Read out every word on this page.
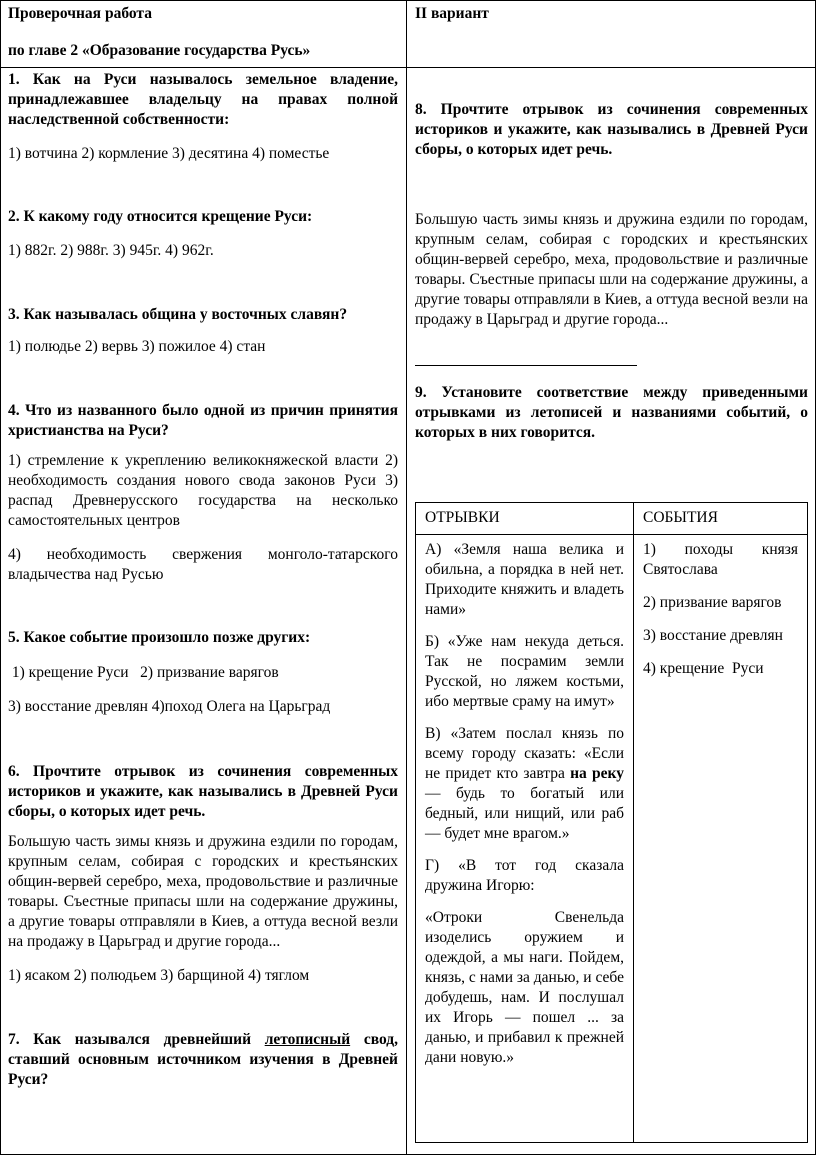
Проверочная работа

по главе 2 «Образование государства Русь»

II вариант

1. Как на Руси называлось земельное владение, принадлежавшее владельцу на правах полной наследственной собственности:

1) вотчина 2) кормление 3) десятина 4) поместье

2. К какому году относится крещение Руси:

1) 882г. 2) 988г. 3) 945г. 4) 962г.

3. Как называлась община у восточных славян?

1) полюдье 2) вервь 3) пожилое 4) стан

4. Что из названного было одной из причин принятия христианства на Руси?

1) стремление к укреплению великокняжеской власти 2) необходимость создания нового свода законов Руси 3) распад Древнерусского государства на несколько самостоятельных центров

4) необходимость свержения монголо-татарского владычества над Русью

5. Какое событие произошло позже других:

1) крещение Руси   2) призвание варягов

3) восстание древлян 4)поход Олега на Царьград

6. Прочтите отрывок из сочинения современных историков и укажите, как назывались в Древней Руси сборы, о которых идет речь.

Большую часть зимы князь и дружина ездили по городам, крупным селам, собирая с городских и крестьянских общин-вервей серебро, меха, продовольствие и различные товары. Съестные припасы шли на содержание дружины, а другие товары отправляли в Киев, а оттуда весной везли на продажу в Царьград и другие города...

1) ясаком 2) полюдьем 3) барщиной 4) тяглом

7. Как назывался древнейший летописный свод, ставший основным источником изучения в Древней Руси?

8. Прочтите отрывок из сочинения современных историков и укажите, как назывались в Древней Руси сборы, о которых идет речь.

Большую часть зимы князь и дружина ездили по городам, крупным селам, собирая с городских и крестьянских общин-вервей серебро, меха, продовольствие и различные товары. Съестные припасы шли на содержание дружины, а другие товары отправляли в Киев, а оттуда весной везли на продажу в Царьград и другие города...

9. Установите соответствие между приведенными отрывками из летописей и названиями событий, о которых в них говорится.

ОТРЫВКИ	СОБЫТИЯ

А) «Земля наша велика и обильна, а порядка в ней нет. Приходите княжить и владеть нами»

Б) «Уже нам некуда деться. Так не посрамим земли Русской, но ляжем костьми, ибо мертвые сраму на имут»

В) «Затем послал князь по всему городу сказать: «Если не придет кто завтра на реку — будь то богатый или бедный, или нищий, или раб — будет мне врагом.»

Г) «В тот год сказала дружина Игорю:

«Отроки Свенельда изоделись оружием и одеждой, а мы наги. Пойдем, князь, с нами за данью, и себе добудешь, нам. И послушал их Игорь — пошел ... за данью, и прибавил к прежней дани новую.»

1) походы князя Святослава

2) призвание варягов

3) восстание древлян

4) крещение  Руси
